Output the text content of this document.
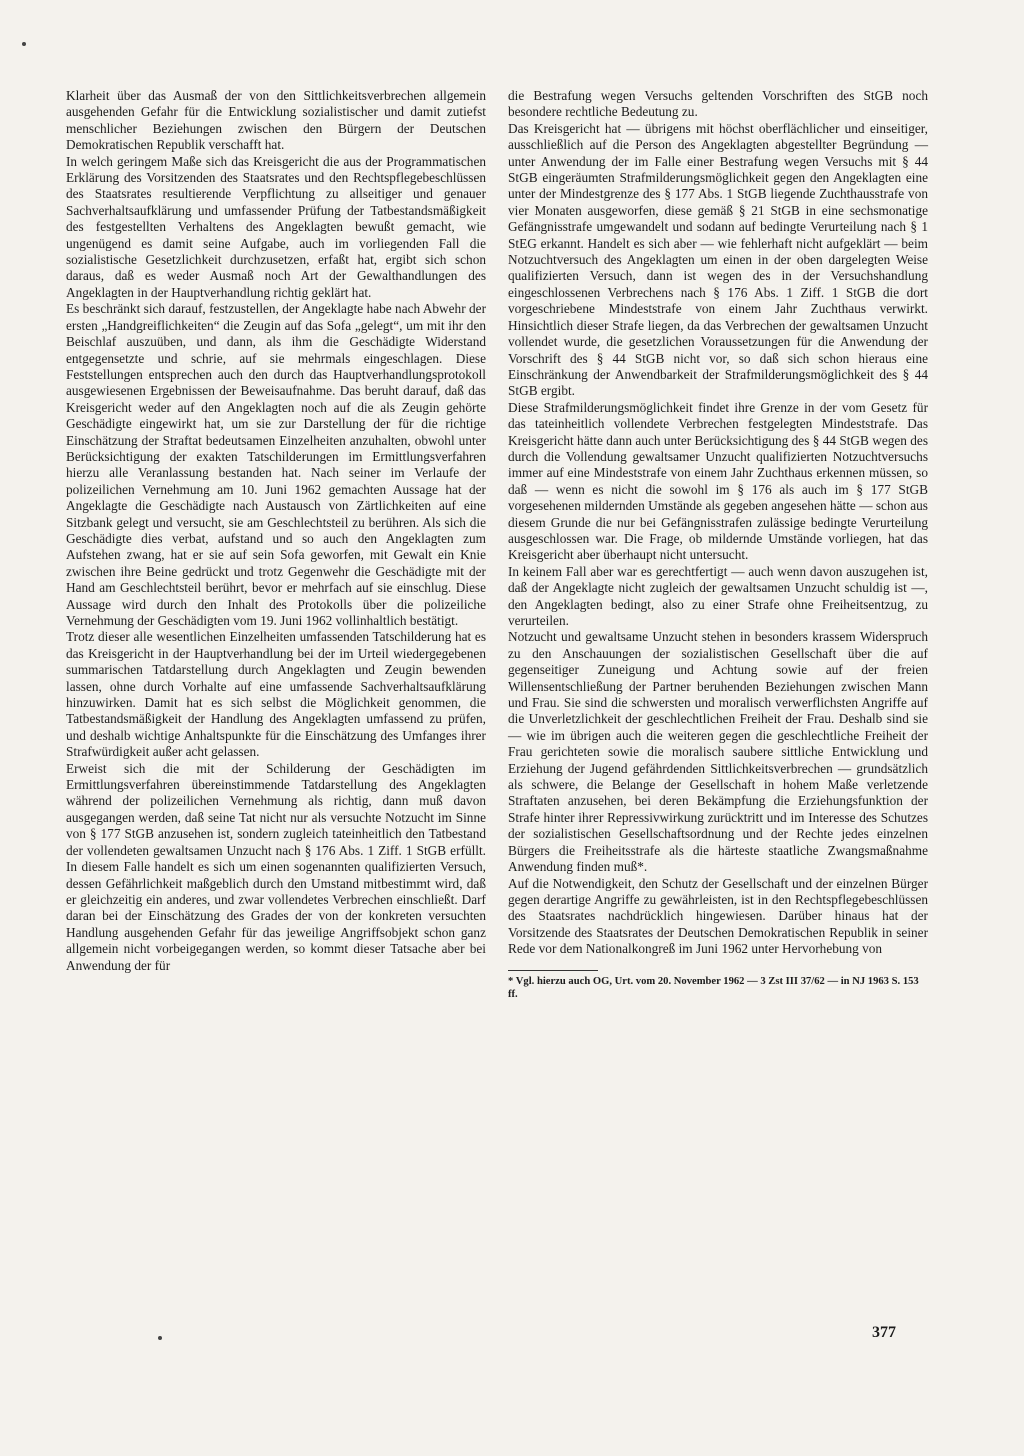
Klarheit über das Ausmaß der von den Sittlichkeitsverbrechen allgemein ausgehenden Gefahr für die Entwicklung sozialistischer und damit zutiefst menschlicher Beziehungen zwischen den Bürgern der Deutschen Demokratischen Republik verschafft hat.

In welch geringem Maße sich das Kreisgericht die aus der Programmatischen Erklärung des Vorsitzenden des Staatsrates und den Rechtspflegebeschlüssen des Staatsrates resultierende Verpflichtung zu allseitiger und genauer Sachverhaltsaufklärung und umfassender Prüfung der Tatbestandsmäßigkeit des festgestellten Verhaltens des Angeklagten bewußt gemacht, wie ungenügend es damit seine Aufgabe, auch im vorliegenden Fall die sozialistische Gesetzlichkeit durchzusetzen, erfaßt hat, ergibt sich schon daraus, daß es weder Ausmaß noch Art der Gewalthandlungen des Angeklagten in der Hauptverhandlung richtig geklärt hat.

Es beschränkt sich darauf, festzustellen, der Angeklagte habe nach Abwehr der ersten „Handgreiflichkeiten“ die Zeugin auf das Sofa „gelegt“, um mit ihr den Beischlaf auszuüben, und dann, als ihm die Geschädigte Widerstand entgegensetzte und schrie, auf sie mehrmals eingeschlagen. Diese Feststellungen entsprechen auch den durch das Hauptverhandlungsprotokoll ausgewiesenen Ergebnissen der Beweisaufnahme. Das beruht darauf, daß das Kreisgericht weder auf den Angeklagten noch auf die als Zeugin gehörte Geschädigte eingewirkt hat, um sie zur Darstellung der für die richtige Einschätzung der Straftat bedeutsamen Einzelheiten anzuhalten, obwohl unter Berücksichtigung der exakten Tatschilderungen im Ermittlungsverfahren hierzu alle Veranlassung bestanden hat. Nach seiner im Verlaufe der polizeilichen Vernehmung am 10. Juni 1962 gemachten Aussage hat der Angeklagte die Geschädigte nach Austausch von Zärtlichkeiten auf eine Sitzbank gelegt und versucht, sie am Geschlechtsteil zu berühren. Als sich die Geschädigte dies verbat, aufstand und so auch den Angeklagten zum Aufstehen zwang, hat er sie auf sein Sofa geworfen, mit Gewalt ein Knie zwischen ihre Beine gedrückt und trotz Gegenwehr die Geschädigte mit der Hand am Geschlechtsteil berührt, bevor er mehrfach auf sie einschlug. Diese Aussage wird durch den Inhalt des Protokolls über die polizeiliche Vernehmung der Geschädigten vom 19. Juni 1962 vollinhaltlich bestätigt.

Trotz dieser alle wesentlichen Einzelheiten umfassenden Tatschilderung hat es das Kreisgericht in der Hauptverhandlung bei der im Urteil wiedergegebenen summarischen Tatdarstellung durch Angeklagten und Zeugin bewenden lassen, ohne durch Vorhalte auf eine umfassende Sachverhaltsaufklärung hinzuwirken. Damit hat es sich selbst die Möglichkeit genommen, die Tatbestandsmäßigkeit der Handlung des Angeklagten umfassend zu prüfen, und deshalb wichtige Anhaltspunkte für die Einschätzung des Umfanges ihrer Strafwürdigkeit außer acht gelassen.

Erweist sich die mit der Schilderung der Geschädigten im Ermittlungsverfahren übereinstimmende Tatdarstellung des Angeklagten während der polizeilichen Vernehmung als richtig, dann muß davon ausgegangen werden, daß seine Tat nicht nur als versuchte Notzucht im Sinne von § 177 StGB anzusehen ist, sondern zugleich tateinheitlich den Tatbestand der vollendeten gewaltsamen Unzucht nach § 176 Abs. 1 Ziff. 1 StGB erfüllt. In diesem Falle handelt es sich um einen sogenannten qualifizierten Versuch, dessen Gefährlichkeit maßgeblich durch den Umstand mitbestimmt wird, daß er gleichzeitig ein anderes, und zwar vollendetes Verbrechen einschließt. Darf daran bei der Einschätzung des Grades der von der konkreten versuchten Handlung ausgehenden Gefahr für das jeweilige Angriffsobjekt schon ganz allgemein nicht vorbeigegangen werden, so kommt dieser Tatsache aber bei Anwendung der für

die Bestrafung wegen Versuchs geltenden Vorschriften des StGB noch besondere rechtliche Bedeutung zu.

Das Kreisgericht hat — übrigens mit höchst oberflächlicher und einseitiger, ausschließlich auf die Person des Angeklagten abgestellter Begründung — unter Anwendung der im Falle einer Bestrafung wegen Versuchs mit § 44 StGB eingeräumten Strafmilderungsmöglichkeit gegen den Angeklagten eine unter der Mindestgrenze des § 177 Abs. 1 StGB liegende Zuchthausstrafe von vier Monaten ausgeworfen, diese gemäß § 21 StGB in eine sechsmonatige Gefängnisstrafe umgewandelt und sodann auf bedingte Verurteilung nach § 1 StEG erkannt. Handelt es sich aber — wie fehlerhaft nicht aufgeklärt — beim Notzuchtversuch des Angeklagten um einen in der oben dargelegten Weise qualifizierten Versuch, dann ist wegen des in der Versuchshandlung eingeschlossenen Verbrechens nach § 176 Abs. 1 Ziff. 1 StGB die dort vorgeschriebene Mindeststrafe von einem Jahr Zuchthaus verwirkt. Hinsichtlich dieser Strafe liegen, da das Verbrechen der gewaltsamen Unzucht vollendet wurde, die gesetzlichen Voraussetzungen für die Anwendung der Vorschrift des § 44 StGB nicht vor, so daß sich schon hieraus eine Einschränkung der Anwendbarkeit der Strafmilderungsmöglichkeit des § 44 StGB ergibt.

Diese Strafmilderungsmöglichkeit findet ihre Grenze in der vom Gesetz für das tateinheitlich vollendete Verbrechen festgelegten Mindeststrafe. Das Kreisgericht hätte dann auch unter Berücksichtigung des § 44 StGB wegen des durch die Vollendung gewaltsamer Unzucht qualifizierten Notzuchtversuchs immer auf eine Mindeststrafe von einem Jahr Zuchthaus erkennen müssen, so daß — wenn es nicht die sowohl im § 176 als auch im § 177 StGB vorgesehenen mildernden Umstände als gegeben angesehen hätte — schon aus diesem Grunde die nur bei Gefängnisstrafen zulässige bedingte Verurteilung ausgeschlossen war. Die Frage, ob mildernde Umstände vorliegen, hat das Kreisgericht aber überhaupt nicht untersucht.

In keinem Fall aber war es gerechtfertigt — auch wenn davon auszugehen ist, daß der Angeklagte nicht zugleich der gewaltsamen Unzucht schuldig ist —, den Angeklagten bedingt, also zu einer Strafe ohne Freiheitsentzug, zu verurteilen.

Notzucht und gewaltsame Unzucht stehen in besonders krassem Widerspruch zu den Anschauungen der sozialistischen Gesellschaft über die auf gegenseitiger Zuneigung und Achtung sowie auf der freien Willensentschließung der Partner beruhenden Beziehungen zwischen Mann und Frau. Sie sind die schwersten und moralisch verwerflichsten Angriffe auf die Unverletzlichkeit der geschlechtlichen Freiheit der Frau. Deshalb sind sie — wie im übrigen auch die weiteren gegen die geschlechtliche Freiheit der Frau gerichteten sowie die moralisch saubere sittliche Entwicklung und Erziehung der Jugend gefährdenden Sittlichkeitsverbrechen — grundsätzlich als schwere, die Belange der Gesellschaft in hohem Maße verletzende Straftaten anzusehen, bei deren Bekämpfung die Erziehungsfunktion der Strafe hinter ihrer Repressivwirkung zurücktritt und im Interesse des Schutzes der sozialistischen Gesellschaftsordnung und der Rechte jedes einzelnen Bürgers die Freiheitsstrafe als die härteste staatliche Zwangsmaßnahme Anwendung finden muß*.

Auf die Notwendigkeit, den Schutz der Gesellschaft und der einzelnen Bürger gegen derartige Angriffe zu gewährleisten, ist in den Rechtspflegebeschlüssen des Staatsrates nachdrücklich hingewiesen. Darüber hinaus hat der Vorsitzende des Staatsrates der Deutschen Demokratischen Republik in seiner Rede vor dem Nationalkongreß im Juni 1962 unter Hervorhebung von

* Vgl. hierzu auch OG, Urt. vom 20. November 1962 — 3 Zst III 37/62 — in NJ 1963 S. 153 ff.

377
